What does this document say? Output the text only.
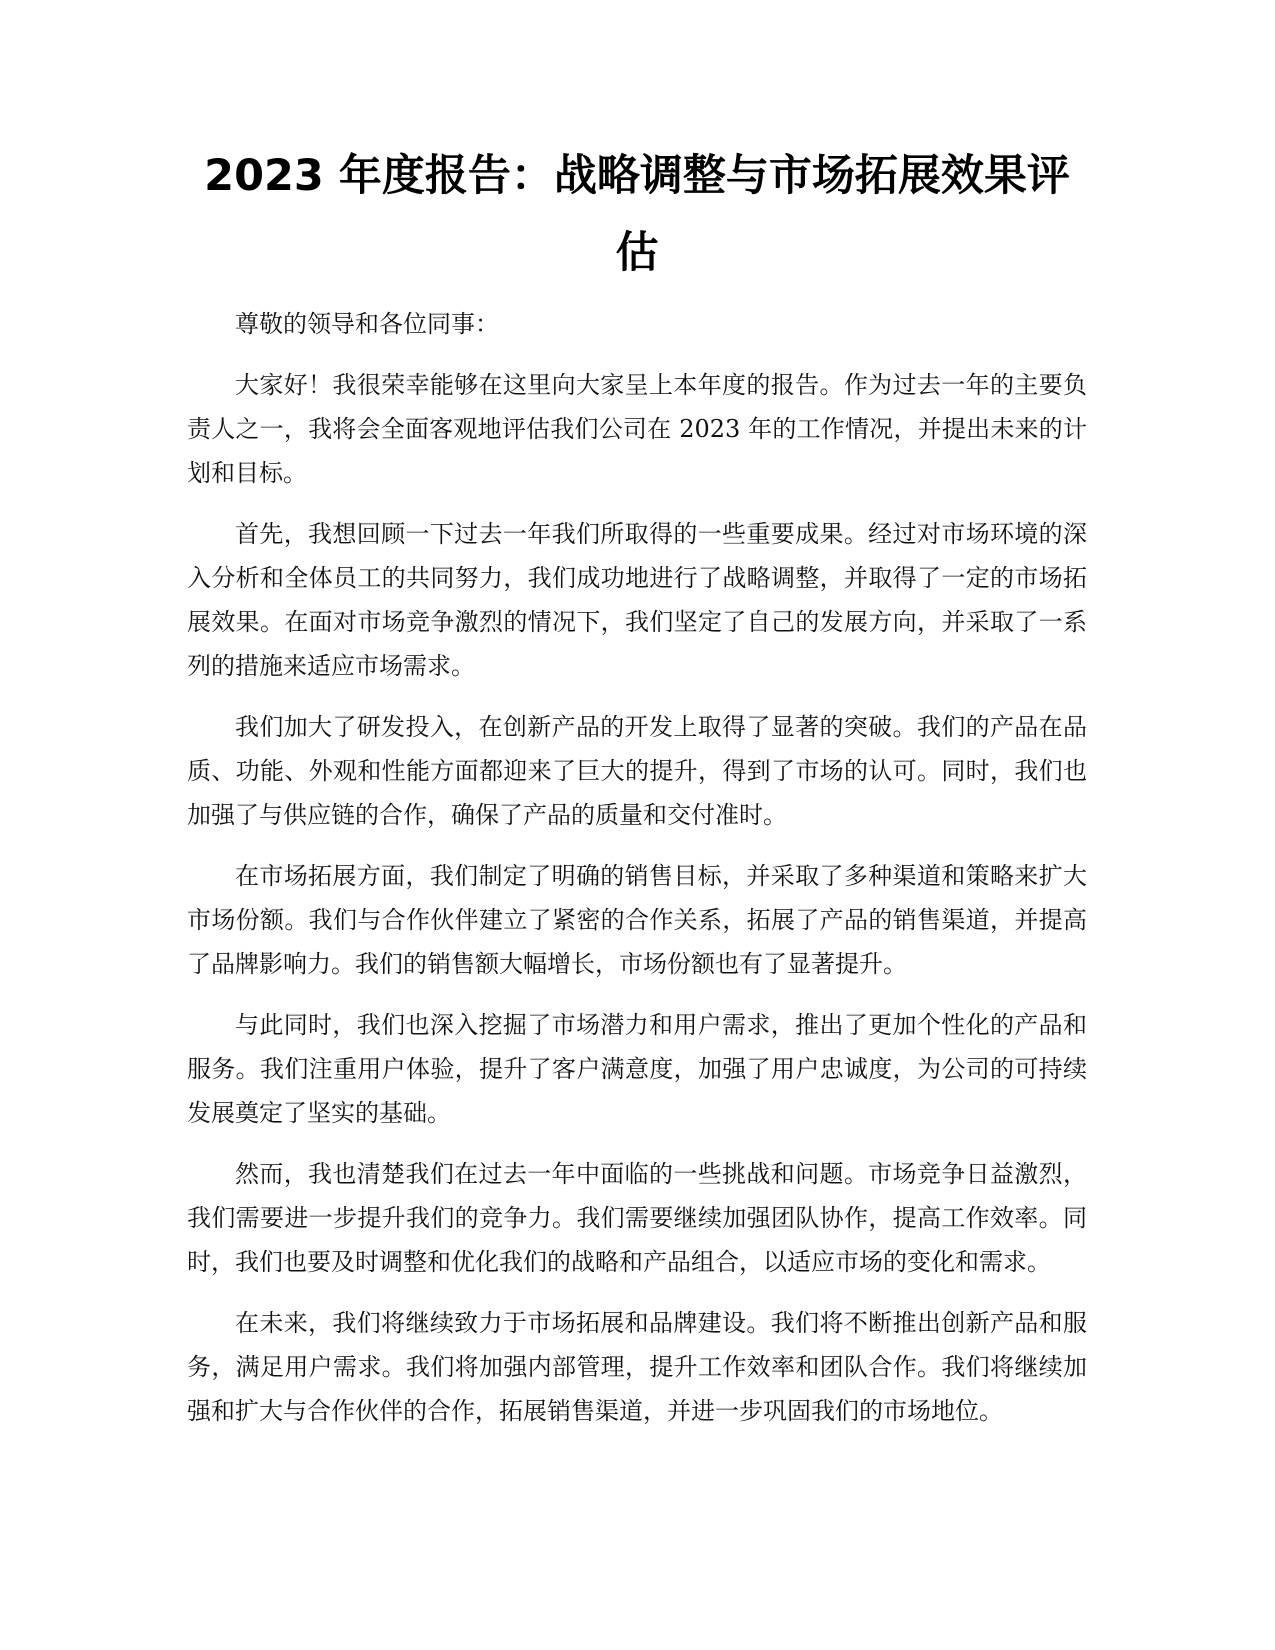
2023 年度报告：战略调整与市场拓展效果评估

尊敬的领导和各位同事：

大家好！我很荣幸能够在这里向大家呈上本年度的报告。作为过去一年的主要负责人之一，我将会全面客观地评估我们公司在 2023 年的工作情况，并提出未来的计划和目标。

首先，我想回顾一下过去一年我们所取得的一些重要成果。经过对市场环境的深入分析和全体员工的共同努力，我们成功地进行了战略调整，并取得了一定的市场拓展效果。在面对市场竞争激烈的情况下，我们坚定了自己的发展方向，并采取了一系列的措施来适应市场需求。

我们加大了研发投入，在创新产品的开发上取得了显著的突破。我们的产品在品质、功能、外观和性能方面都迎来了巨大的提升，得到了市场的认可。同时，我们也加强了与供应链的合作，确保了产品的质量和交付准时。

在市场拓展方面，我们制定了明确的销售目标，并采取了多种渠道和策略来扩大市场份额。我们与合作伙伴建立了紧密的合作关系，拓展了产品的销售渠道，并提高了品牌影响力。我们的销售额大幅增长，市场份额也有了显著提升。

与此同时，我们也深入挖掘了市场潜力和用户需求，推出了更加个性化的产品和服务。我们注重用户体验，提升了客户满意度，加强了用户忠诚度，为公司的可持续发展奠定了坚实的基础。

然而，我也清楚我们在过去一年中面临的一些挑战和问题。市场竞争日益激烈，我们需要进一步提升我们的竞争力。我们需要继续加强团队协作，提高工作效率。同时，我们也要及时调整和优化我们的战略和产品组合，以适应市场的变化和需求。

在未来，我们将继续致力于市场拓展和品牌建设。我们将不断推出创新产品和服务，满足用户需求。我们将加强内部管理，提升工作效率和团队合作。我们将继续加强和扩大与合作伙伴的合作，拓展销售渠道，并进一步巩固我们的市场地位。
